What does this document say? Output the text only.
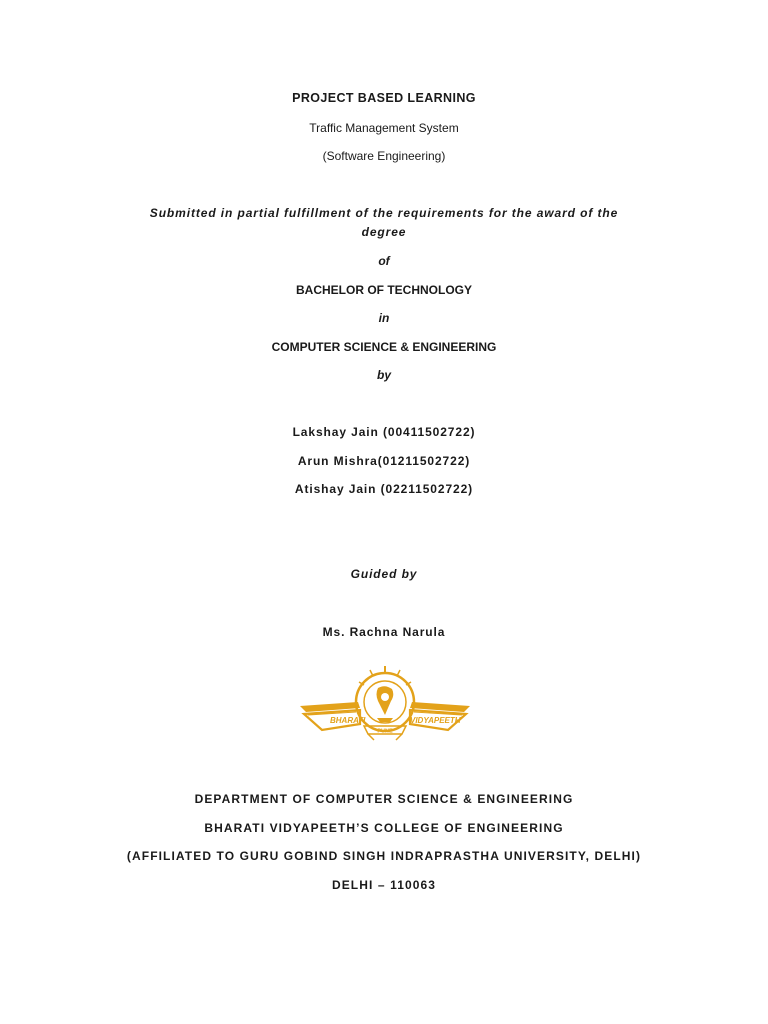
PROJECT BASED LEARNING
Traffic Management System
(Software Engineering)
Submitted in partial fulfillment of the requirements for the award of the degree
of
BACHELOR OF TECHNOLOGY
in
COMPUTER SCIENCE & ENGINEERING
by
Lakshay Jain (00411502722)
Arun Mishra(01211502722)
Atishay Jain (02211502722)
Guided by
Ms. Rachna Narula
BHARATI	VIDYAPEETH
PUNE
DEPARTMENT OF COMPUTER SCIENCE & ENGINEERING
BHARATI VIDYAPEETH’S COLLEGE OF ENGINEERING
(AFFILIATED TO GURU GOBIND SINGH INDRAPRASTHA UNIVERSITY, DELHI)
DELHI – 110063
